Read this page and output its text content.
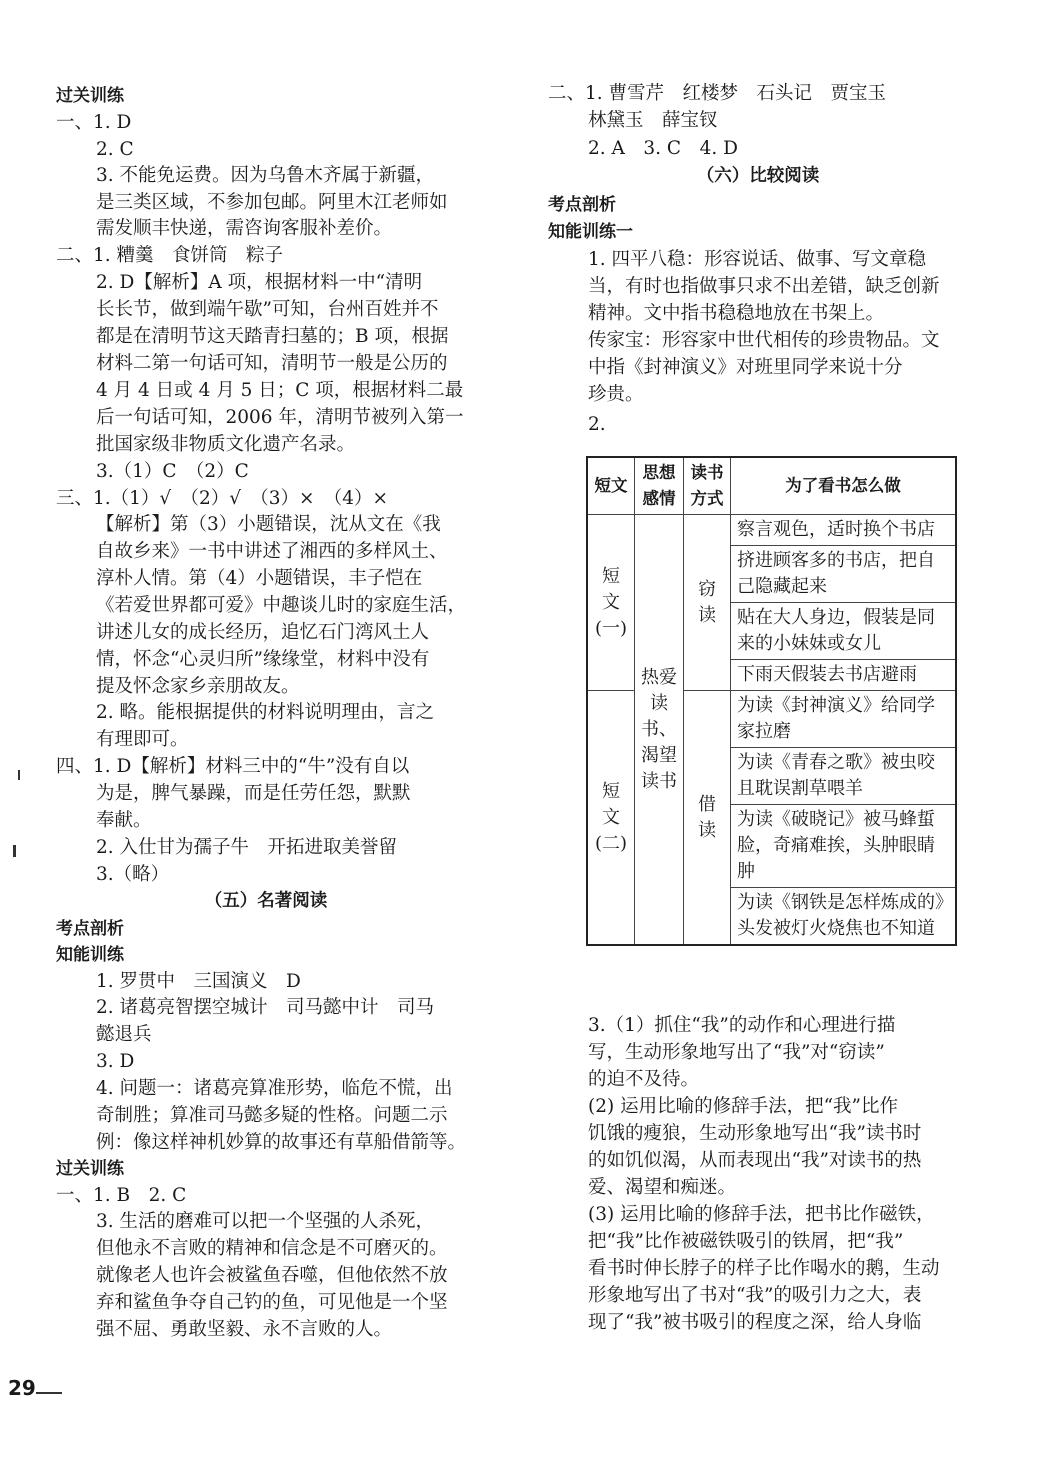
过关训练
一、1. D
2. C
3. 不能免运费。因为乌鲁木齐属于新疆，
是三类区域，不参加包邮。阿里木江老师如
需发顺丰快递，需咨询客服补差价。
二、1. 糟羹　食饼筒　粽子
2. D【解析】A 项，根据材料一中“清明
长长节，做到端午歇”可知，台州百姓并不
都是在清明节这天踏青扫墓的；B 项，根据
材料二第一句话可知，清明节一般是公历的
4 月 4 日或 4 月 5 日；C 项，根据材料二最
后一句话可知，2006 年，清明节被列入第一
批国家级非物质文化遗产名录。
3.（1）C　（2）C
三、1.（1）√　（2）√　（3）×　（4）×
【解析】第（3）小题错误，沈从文在《我
自故乡来》一书中讲述了湘西的多样风土、
淳朴人情。第（4）小题错误，丰子恺在
《若爱世界都可爱》中趣谈儿时的家庭生活，
讲述儿女的成长经历，追忆石门湾风土人
情，怀念“心灵归所”缘缘堂，材料中没有
提及怀念家乡亲朋故友。
2. 略。能根据提供的材料说明理由，言之
有理即可。
四、1. D【解析】材料三中的“牛”没有自以
为是，脾气暴躁，而是任劳任怨，默默
奉献。
2. 入仕甘为孺子牛　开拓进取美誉留
3.（略）
（五）名著阅读
考点剖析
知能训练
1. 罗贯中　三国演义　D
2. 诸葛亮智摆空城计　司马懿中计　司马
懿退兵
3. D
4. 问题一：诸葛亮算准形势，临危不慌，出
奇制胜；算准司马懿多疑的性格。问题二示
例：像这样神机妙算的故事还有草船借箭等。
过关训练
一、1. B　2. C
3. 生活的磨难可以把一个坚强的人杀死，
但他永不言败的精神和信念是不可磨灭的。
就像老人也许会被鲨鱼吞噬，但他依然不放
弃和鲨鱼争夺自己钓的鱼，可见他是一个坚
强不屈、勇敢坚毅、永不言败的人。
二、1. 曹雪芹　红楼梦　石头记　贾宝玉
林黛玉　薛宝钗
2. A　3. C　4. D
（六）比较阅读
考点剖析
知能训练一
1. 四平八稳：形容说话、做事、写文章稳
当，有时也指做事只求不出差错，缺乏创新
精神。文中指书稳稳地放在书架上。
传家宝：形容家中世代相传的珍贵物品。文
中指《封神演义》对班里同学来说十分
珍贵。
2.
3.（1）抓住“我”的动作和心理进行描
写，生动形象地写出了“我”对“窃读”
的迫不及待。
(2) 运用比喻的修辞手法，把“我”比作
饥饿的瘦狼，生动形象地写出“我”读书时
的如饥似渴，从而表现出“我”对读书的热
爱、渴望和痴迷。
(3) 运用比喻的修辞手法，把书比作磁铁，
把“我”比作被磁铁吸引的铁屑，把“我”
看书时伸长脖子的样子比作喝水的鹅，生动
形象地写出了书对“我”的吸引力之大，表
现了“我”被书吸引的程度之深，给人身临
短文	思想感情	读书方式	为了看书怎么做
短文(一)	热爱读书、渴望读书	窃读	察言观色，适时换个书店
			挤进顾客多的书店，把自己隐藏起来
			贴在大人身边，假装是同来的小妹妹或女儿
			下雨天假装去书店避雨
短文(二)		借读	为读《封神演义》给同学家拉磨
			为读《青春之歌》被虫咬且耽误割草喂羊
			为读《破晓记》被马蜂蜇脸，奇痛难挨，头肿眼睛肿
			为读《钢铁是怎样炼成的》头发被灯火烧焦也不知道
29
